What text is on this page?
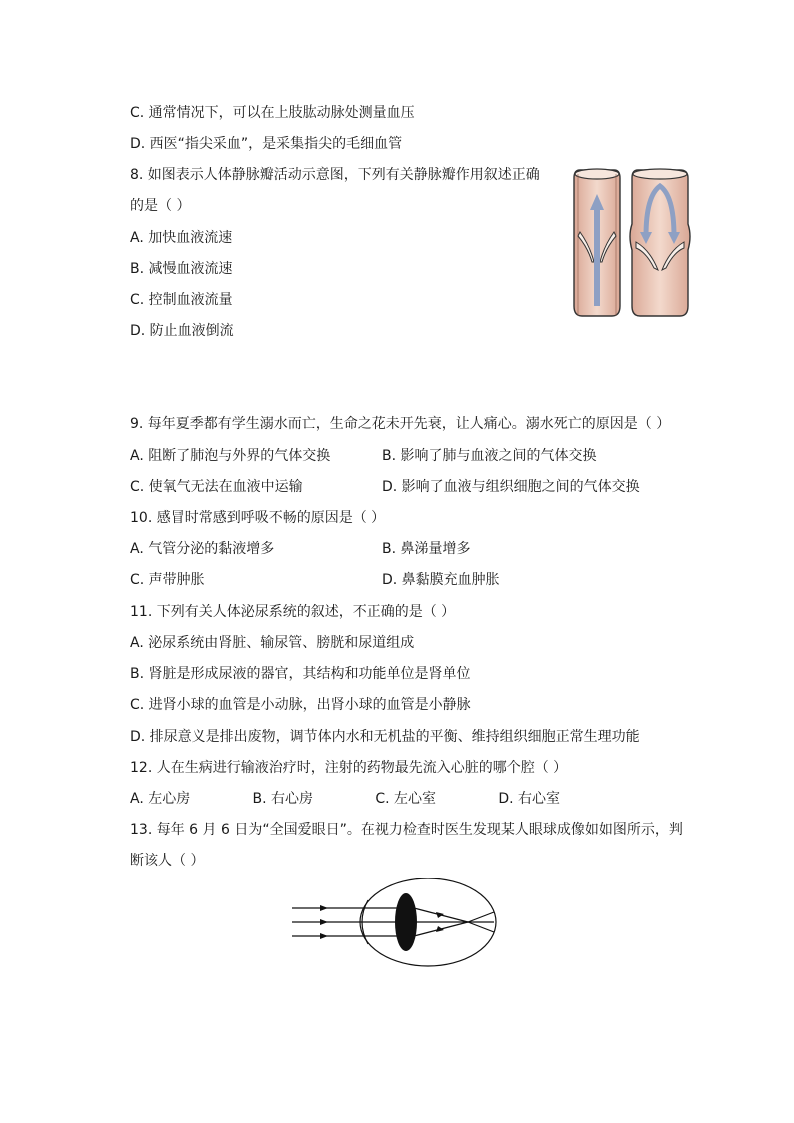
C. 通常情况下，可以在上肢肱动脉处测量血压
D. 西医“指尖采血”，是采集指尖的毛细血管
8. 如图表示人体静脉瓣活动示意图，下列有关静脉瓣作用叙述正确
的是（ ）
A. 加快血液流速
B. 减慢血液流速
C. 控制血液流量
D. 防止血液倒流
9. 每年夏季都有学生溺水而亡，生命之花未开先衰，让人痛心。溺水死亡的原因是（ ）
A. 阻断了肺泡与外界的气体交换	B. 影响了肺与血液之间的气体交换
C. 使氧气无法在血液中运输	D. 影响了血液与组织细胞之间的气体交换
10. 感冒时常感到呼吸不畅的原因是（ ）
A. 气管分泌的黏液增多	B. 鼻涕量增多
C. 声带肿胀	D. 鼻黏膜充血肿胀
11. 下列有关人体泌尿系统的叙述，不正确的是（ ）
A. 泌尿系统由肾脏、输尿管、膀胱和尿道组成
B. 肾脏是形成尿液的器官，其结构和功能单位是肾单位
C. 进肾小球的血管是小动脉，出肾小球的血管是小静脉
D. 排尿意义是排出废物，调节体内水和无机盐的平衡、维持组织细胞正常生理功能
12. 人在生病进行输液治疗时，注射的药物最先流入心脏的哪个腔（ ）
A. 左心房              B. 右心房              C. 左心室              D. 右心室
13. 每年 6 月 6 日为“全国爱眼日”。在视力检查时医生发现某人眼球成像如如图所示，判
断该人（ ）
